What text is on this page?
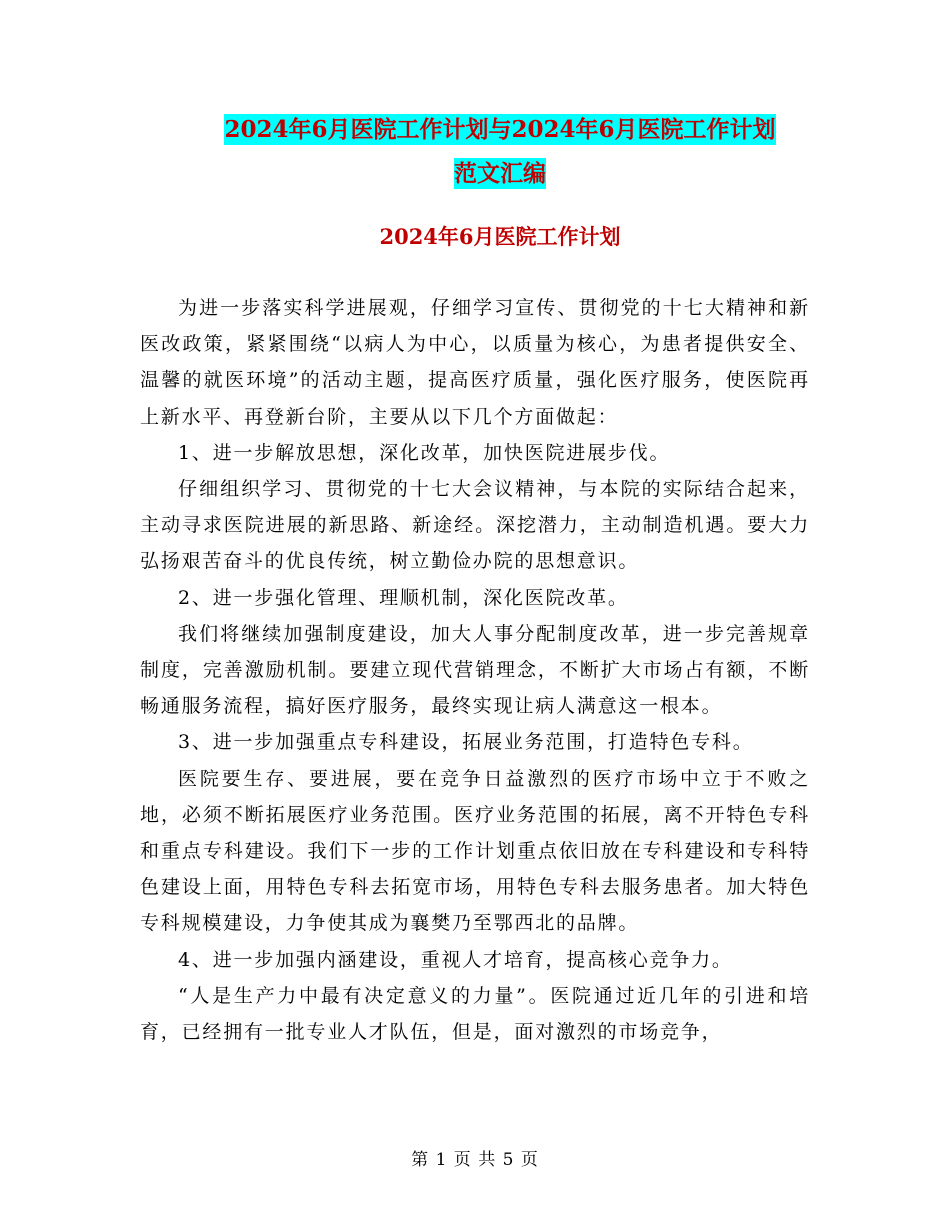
2024年6月医院工作计划与2024年6月医院工作计划
范文汇编
2024年6月医院工作计划

为进一步落实科学进展观，仔细学习宣传、贯彻党的十七大精神和新医改政策，紧紧围绕“以病人为中心，以质量为核心，为患者提供安全、温馨的就医环境”的活动主题，提高医疗质量，强化医疗服务，使医院再上新水平、再登新台阶，主要从以下几个方面做起：

1、进一步解放思想，深化改革，加快医院进展步伐。

仔细组织学习、贯彻党的十七大会议精神，与本院的实际结合起来，主动寻求医院进展的新思路、新途经。深挖潜力，主动制造机遇。要大力弘扬艰苦奋斗的优良传统，树立勤俭办院的思想意识。

2、进一步强化管理、理顺机制，深化医院改革。

我们将继续加强制度建设，加大人事分配制度改革，进一步完善规章制度，完善激励机制。要建立现代营销理念，不断扩大市场占有额，不断畅通服务流程，搞好医疗服务，最终实现让病人满意这一根本。

3、进一步加强重点专科建设，拓展业务范围，打造特色专科。

医院要生存、要进展，要在竞争日益激烈的医疗市场中立于不败之地，必须不断拓展医疗业务范围。医疗业务范围的拓展，离不开特色专科和重点专科建设。我们下一步的工作计划重点依旧放在专科建设和专科特色建设上面，用特色专科去拓宽市场，用特色专科去服务患者。加大特色专科规模建设，力争使其成为襄樊乃至鄂西北的品牌。

4、进一步加强内涵建设，重视人才培育，提高核心竞争力。

“人是生产力中最有决定意义的力量”。医院通过近几年的引进和培育，已经拥有一批专业人才队伍，但是，面对激烈的市场竞争，

第 1 页 共 5 页
